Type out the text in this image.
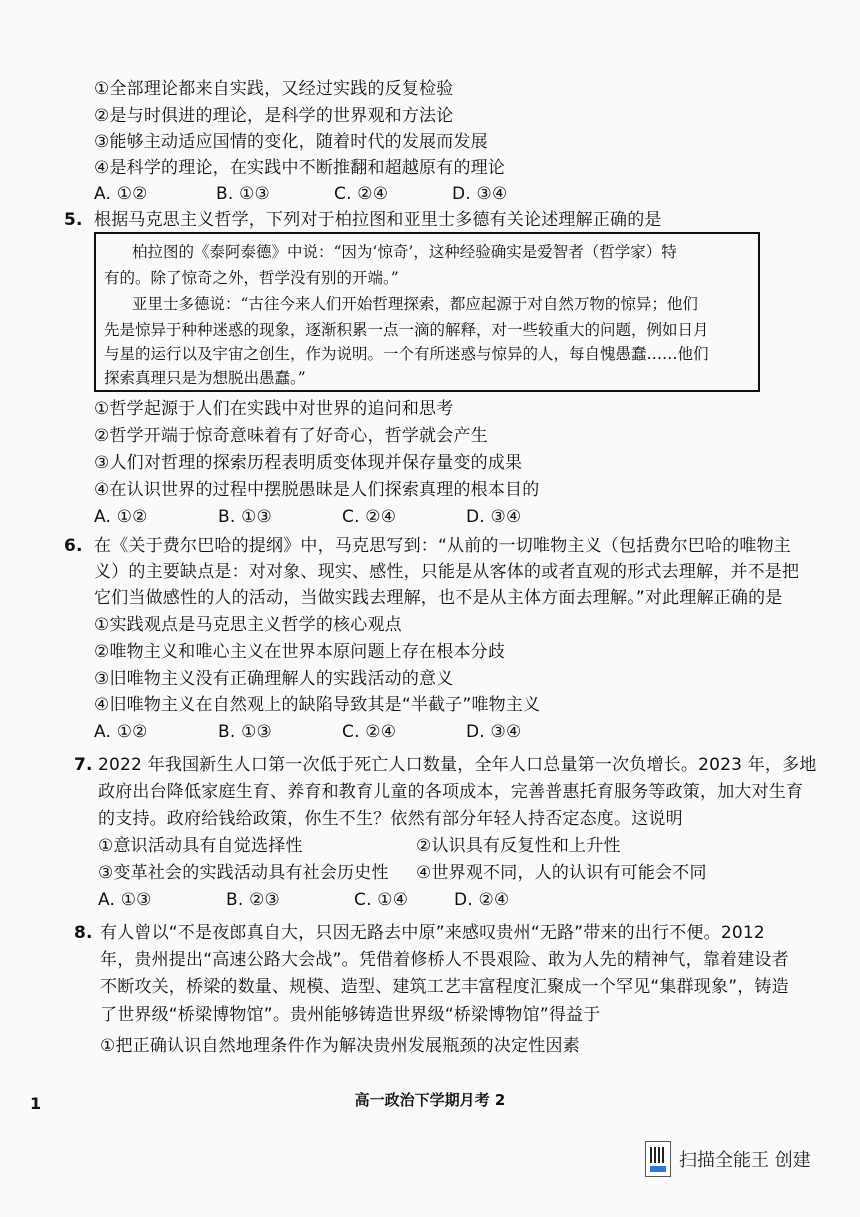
①全部理论都来自实践，又经过实践的反复检验
②是与时俱进的理论，是科学的世界观和方法论
③能够主动适应国情的变化，随着时代的发展而发展
④是科学的理论，在实践中不断推翻和超越原有的理论
A. ①②	B. ①③	C. ②④	D. ③④
5. 根据马克思主义哲学，下列对于柏拉图和亚里士多德有关论述理解正确的是
柏拉图的《泰阿泰德》中说：“因为‘惊奇’，这种经验确实是爱智者（哲学家）特
有的。除了惊奇之外，哲学没有别的开端。”
亚里士多德说：“古往今来人们开始哲理探索，都应起源于对自然万物的惊异；他们
先是惊异于种种迷惑的现象，逐渐积累一点一滴的解释，对一些较重大的问题，例如日月
与星的运行以及宇宙之创生，作为说明。一个有所迷惑与惊异的人，每自愧愚蠢……他们
探索真理只是为想脱出愚蠢。”
①哲学起源于人们在实践中对世界的追问和思考
②哲学开端于惊奇意味着有了好奇心，哲学就会产生
③人们对哲理的探索历程表明质变体现并保存量变的成果
④在认识世界的过程中摆脱愚昧是人们探索真理的根本目的
A. ①②	B. ①③	C. ②④	D. ③④
6. 在《关于费尔巴哈的提纲》中，马克思写到：“从前的一切唯物主义（包括费尔巴哈的唯物主
义）的主要缺点是：对对象、现实、感性，只能是从客体的或者直观的形式去理解，并不是把
它们当做感性的人的活动，当做实践去理解，也不是从主体方面去理解。”对此理解正确的是
①实践观点是马克思主义哲学的核心观点
②唯物主义和唯心主义在世界本原问题上存在根本分歧
③旧唯物主义没有正确理解人的实践活动的意义
④旧唯物主义在自然观上的缺陷导致其是“半截子”唯物主义
A. ①②	B. ①③	C. ②④	D. ③④
7. 2022 年我国新生人口第一次低于死亡人口数量，全年人口总量第一次负增长。2023 年，多地
政府出台降低家庭生育、养育和教育儿童的各项成本，完善普惠托育服务等政策，加大对生育
的支持。政府给钱给政策，你生不生？依然有部分年轻人持否定态度。这说明
①意识活动具有自觉选择性	②认识具有反复性和上升性
③变革社会的实践活动具有社会历史性 ④世界观不同，人的认识有可能会不同
A. ①③	B. ②③	C. ①④	D. ②④
8. 有人曾以“不是夜郎真自大，只因无路去中原”来感叹贵州“无路”带来的出行不便。2012
年，贵州提出“高速公路大会战”。凭借着修桥人不畏艰险、敢为人先的精神气，靠着建设者
不断攻关，桥梁的数量、规模、造型、建筑工艺丰富程度汇聚成一个罕见“集群现象”，铸造
了世界级“桥梁博物馆”。贵州能够铸造世界级“桥梁博物馆”得益于
①把正确认识自然地理条件作为解决贵州发展瓶颈的决定性因素
1	高一政治下学期月考 2
扫描全能王 创建
